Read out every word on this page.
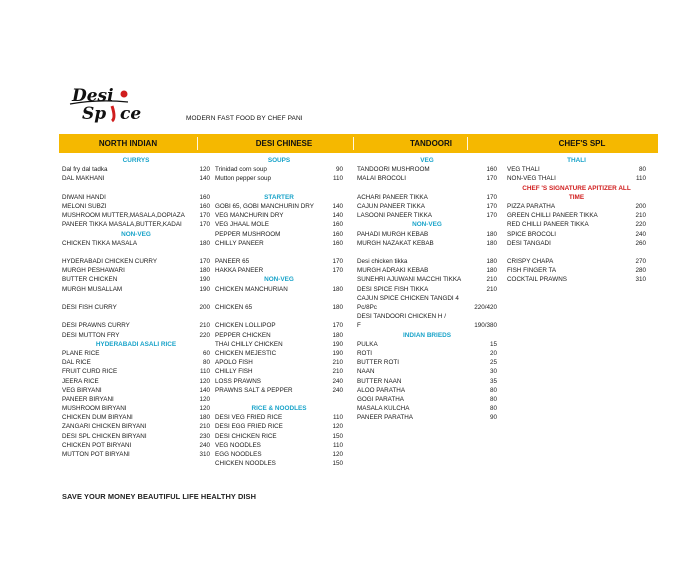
Desi
Sp ce	MODERN FAST FOOD BY CHEF PANI
NORTH INDIAN	DESI CHINESE	TANDOORI	CHEF'S SPL
CURRYS
Dal fry dal tadka	120
DAL MAKHANI	140
DIWANI HANDI	160
MELONI SUBZI	160
MUSHROOM MUTTER,MASALA,DOPIAZA 170
PANEER TIKKA MASALA,BUTTER,KADAI	170
NON-VEG
CHICKEN TIKKA MASALA	180
HYDERABADI CHICKEN CURRY	170
MURGH PESHAWARI	180
BUTTER CHICKEN	190
MURGH MUSALLAM	190
DESI FISH CURRY	200
DESI PRAWNS CURRY	210
DESI MUTTON FRY	220
HYDERABADI ASALI RICE
PLANE RICE	60
DAL RICE	80
FRUIT CURD RICE	110
JEERA RICE	120
VEG BIRYANI	140
PANEER BIRYANI	120
MUSHROOM BIRYANI	120
CHICKEN DUM BIRYANI	180
ZANGARI CHICKEN BIRYANI	210
DESI SPL CHICKEN BIRYANI	230
CHICKEN POT BIRYANI	240
MUTTON POT BIRYANI	310
SOUPS
Trinidad corn soup	90
Mutton pepper soup	110
STARTER
GOBI 65, GOBI MANCHURIN DRY	140
VEG MANCHURIN DRY	140
VEG JHAAL MOLE	160
PEPPER MUSHROOM	160
CHILLY PANEER	160
PANEER 65	170
HAKKA PANEER	170
NON-VEG
CHICKEN MANCHURIAN	180
CHICKEN 65	180
CHICKEN LOLLIPOP	170
PEPPER CHICKEN	180
THAI CHILLY CHICKEN	190
CHICKEN MEJESTIC	190
APOLO FISH	210
CHILLY FISH	210
LOSS PRAWNS	240
PRAWNS SALT & PEPPER	240
RICE & NOODLES
DESI VEG FRIED RICE	110
DESI EGG FRIED RICE	120
DESI CHICKEN RICE	150
VEG NOODLES	110
EGG NOODLES	120
CHICKEN NOODLES	150
VEG
TANDOORI MUSHROOM	160
MALAI BROCOLI	170
ACHARI PANEER TIKKA	170
CAJUN PANEER TIKKA	170
LASOONI PANEER TIKKA	170
NON-VEG
PAHADI MURGH KEBAB	180
MURGH NAZAKAT KEBAB	180
Desi chicken tikka	180
MURGH ADRAKI KEBAB	180
SUNEHRI AJUWANI MACCHI TIKKA	210
DESI SPICE FISH TIKKA	210
CAJUN SPICE CHICKEN TANGDI 4
Pc/8Pc	220/420
DESI TANDOORI CHICKEN H /
F	190/380
INDIAN BRIEDS
PULKA	15
ROTI	20
BUTTER ROTI	25
NAAN	30
BUTTER NAAN	35
ALOO PARATHA	80
GOGI PARATHA	80
MASALA KULCHA	80
PANEER PARATHA	90
THALI
VEG THALI	80
NON-VEG THALI	110
CHEF 'S SIGNATURE APITIZER ALL
TIME
PIZZA PARATHA	200
GREEN CHILLI PANEER TIKKA	210
RED CHILLI PANEER TIKKA	220
SPICE BROCOLI	240
DESI TANGADI	260
CRISPY CHAPA	270
FISH FINGER TA	280
COCKTAIL PRAWNS	310
SAVE YOUR MONEY BEAUTIFUL LIFE HEALTHY DISH
